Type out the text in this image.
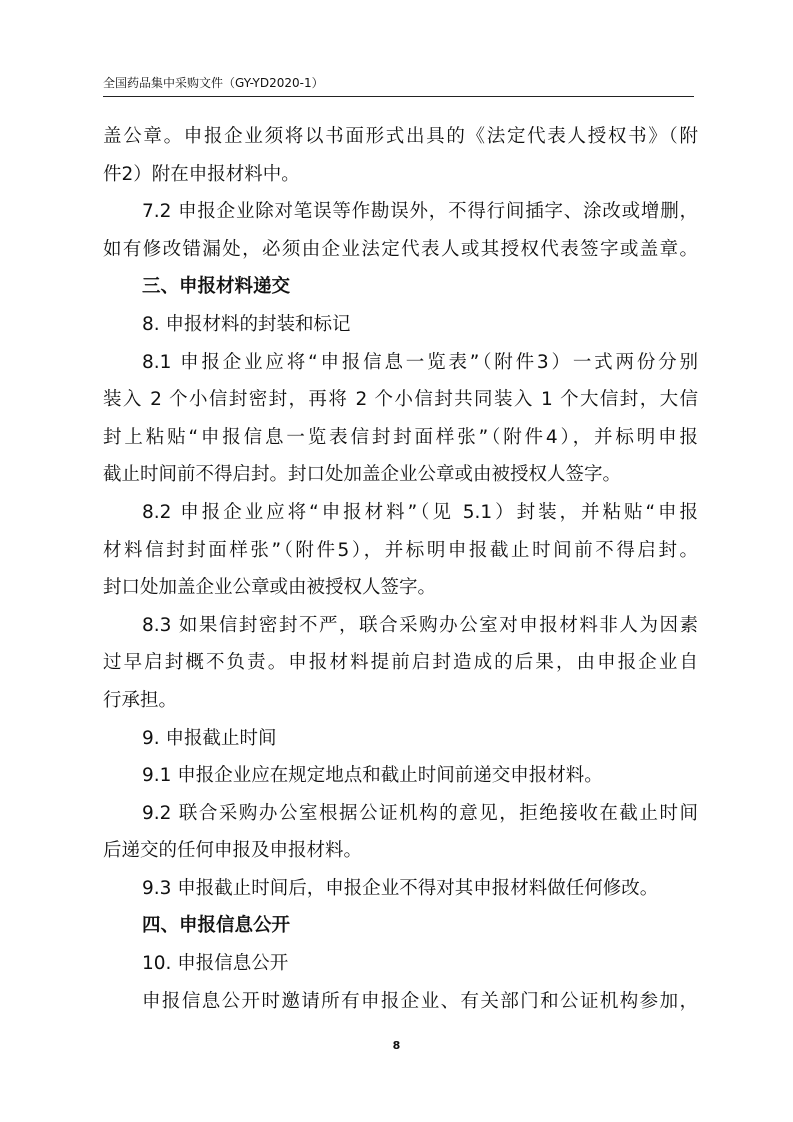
全国药品集中采购文件（GY-YD2020-1）
盖公章。申报企业须将以书面形式出具的《法定代表人授权书》（附
件2）附在申报材料中。
7.2 申报企业除对笔误等作勘误外，不得行间插字、涂改或增删，
如有修改错漏处，必须由企业法定代表人或其授权代表签字或盖章。
三、申报材料递交
8. 申报材料的封装和标记
8.1 申报企业应将“申报信息一览表”（附件3）一式两份分别
装入 2 个小信封密封，再将 2 个小信封共同装入 1 个大信封，大信
封上粘贴“申报信息一览表信封封面样张”（附件4），并标明申报
截止时间前不得启封。封口处加盖企业公章或由被授权人签字。
8.2 申报企业应将“申报材料”（见 5.1）封装，并粘贴“申报
材料信封封面样张”（附件5），并标明申报截止时间前不得启封。
封口处加盖企业公章或由被授权人签字。
8.3 如果信封密封不严，联合采购办公室对申报材料非人为因素
过早启封概不负责。申报材料提前启封造成的后果，由申报企业自
行承担。
9. 申报截止时间
9.1 申报企业应在规定地点和截止时间前递交申报材料。
9.2 联合采购办公室根据公证机构的意见，拒绝接收在截止时间
后递交的任何申报及申报材料。
9.3 申报截止时间后，申报企业不得对其申报材料做任何修改。
四、申报信息公开
10. 申报信息公开
申报信息公开时邀请所有申报企业、有关部门和公证机构参加，
8
